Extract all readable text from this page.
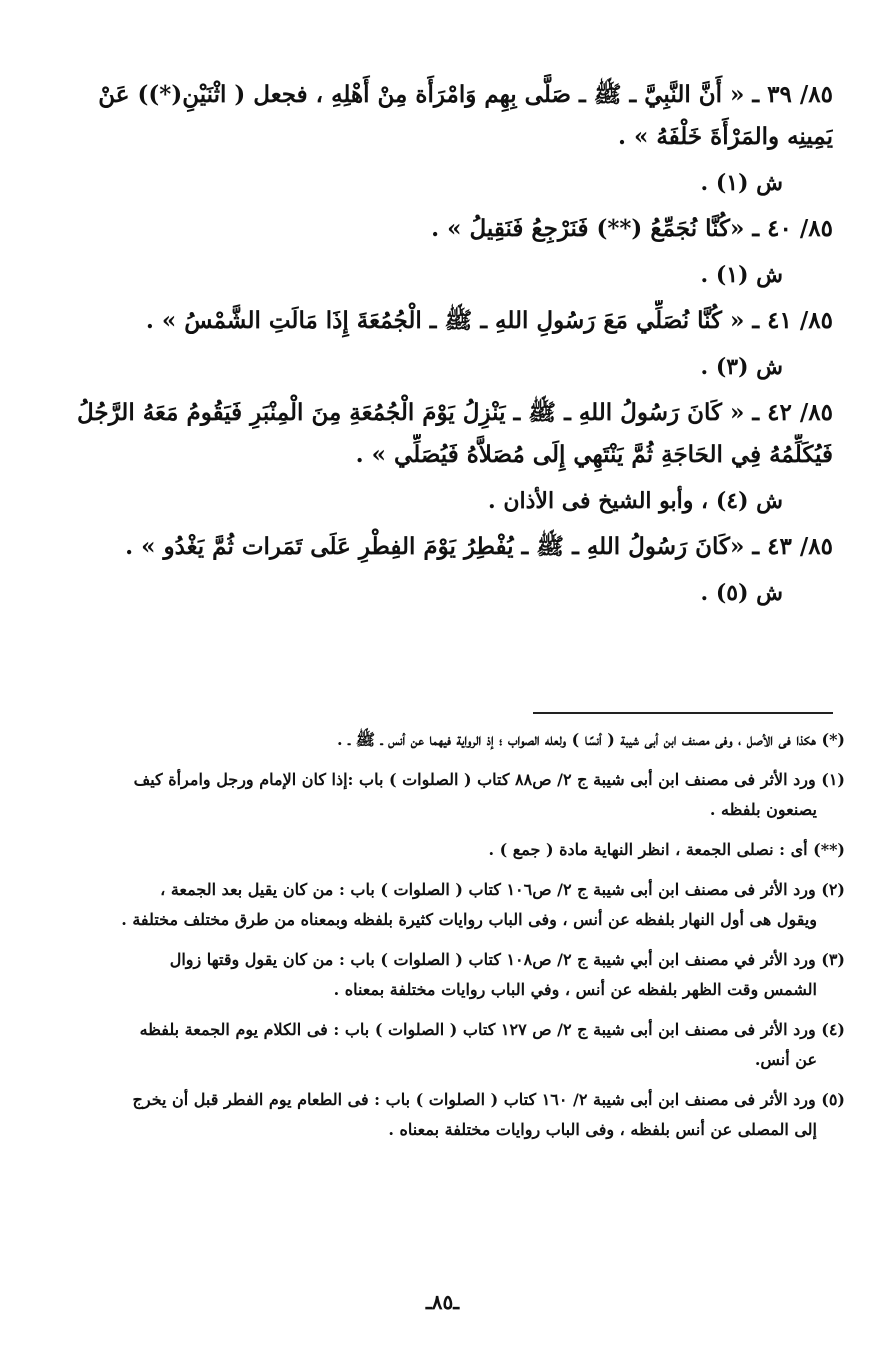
٨٥/ ٣٩ ـ « أَنَّ النَّبِيَّ ـ ﷺ ـ صَلَّى بِهِم وَامْرَأَة مِنْ أَهْلِهِ ، فجعل ( اثْنَيْنِ(*)) عَنْ
يَمِينِه والمَرْأَةَ خَلْفَهُ » .
ش (١) .
٨٥/ ٤٠ ـ «كُنَّا نُجَمِّعُ (**) فَنَرْجِعُ فَنَقِيلُ » .
ش (١) .
٨٥/ ٤١ ـ « كُنَّا نُصَلِّي مَعَ رَسُولِ اللهِ ـ ﷺ ـ الْجُمُعَةَ إِذَا مَالَتِ الشَّمْسُ » .
ش (٣) .
٨٥/ ٤٢ ـ « كَانَ رَسُولُ اللهِ ـ ﷺ ـ يَنْزِلُ يَوْمَ الْجُمُعَةِ مِنَ الْمِنْبَرِ فَيَقُومُ مَعَهُ الرَّجُلُ
فَيُكَلِّمُهُ فِي الحَاجَةِ ثُمَّ يَنْتَهِي إِلَى مُصَلاَّهُ فَيُصَلِّي » .
ش (٤) ، وأبو الشيخ فى الأذان .
٨٥/ ٤٣ ـ «كَانَ رَسُولُ اللهِ ـ ﷺ ـ يُفْطِرُ يَوْمَ الفِطْرِ عَلَى تَمَرات ثُمَّ يَغْدُو » .
ش (٥) .
(*) هكذا فى الأصل ، وفى مصنف ابن أبى شيبة ( أنسًا ) ولعله الصواب ؛ إذ الرواية فيهما عن أنس ـ ﷺ ـ .
(١) ورد الأثر فى مصنف ابن أبى شيبة ج ٢/ ص٨٨ كتاب ( الصلوات ) باب :إذا كان الإمام ورجل وامرأة كيف
يصنعون بلفظه .
(**) أى : نصلى الجمعة ، انظر النهاية مادة ( جمع ) .
(٢) ورد الأثر فى مصنف ابن أبى شيبة ج ٢/ ص١٠٦ كتاب ( الصلوات ) باب : من كان يقيل بعد الجمعة ،
ويقول هى أول النهار بلفظه عن أنس ، وفى الباب روايات كثيرة بلفظه وبمعناه من طرق مختلف مختلفة .
(٣) ورد الأثر في مصنف ابن أبي شيبة ج ٢/ ص١٠٨ كتاب ( الصلوات ) باب : من كان يقول وقتها زوال
الشمس وقت الظهر بلفظه عن أنس ، وفي الباب روايات مختلفة بمعناه .
(٤) ورد الأثر فى مصنف ابن أبى شيبة ج ٢/ ص ١٢٧ كتاب ( الصلوات ) باب : فى الكلام يوم الجمعة بلفظه
عن أنس.
(٥) ورد الأثر فى مصنف ابن أبى شيبة ٢/ ١٦٠ كتاب ( الصلوات ) باب : فى الطعام يوم الفطر قبل أن يخرج
إلى المصلى عن أنس بلفظه ، وفى الباب روايات مختلفة بمعناه .
ـ٨٥ـ
